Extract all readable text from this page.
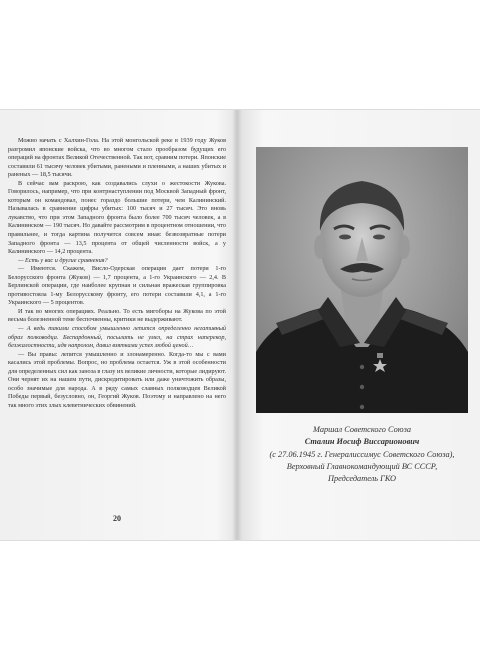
Можно начать с Халхин-Гола. На этой монгольской реке в 1939 году Жуков разгромил японские войска, что во многом стало прообразом будущих его операций на фронтах Великой Отечественной. Так вот, сравним потери. Японские составили 61 тысячу человек убитыми, ранеными и пленными, а наших убитых и раненых — 18,5 тысячи.

В сейчас вам раскрою, как создавались слухи о жестокости Жукова. Говорилось, например, что при контрнаступлении под Москвой Западный фронт, которым он командовал, понес гораздо большие потери, чем Калининский. Называлась в сравнение цифры убитых: 100 тысяч и 27 тысяч. Это вновь лукавство, что при этом Западного фронта было более 700 тысяч человек, а в Калининском — 190 тысяч. Но давайте рассмотрим в процентном отношении, что правильнее, и тогда картина получится совсем иная: безвозвратные потери Западного фронта — 13,5 процента от общей численности войск, а у Калининского — 14,2 процента.

— Есть у вас и другие сравнения?

— Имеются. Скажем, Висло-Одерская операция дает потери 1-го Белорусского фронта (Жуков) — 1,7 процента, а 1-го Украинского — 2,4. В Берлинской операции, где наиболее крупная и сильная вражеская группировка противостояла 1-му Белорусскому фронту, его потери составили 4,1, а 1-го Украинского — 5 процентов.

И так во многих операциях. Реально. То есть мигоборы на Жукова по этой весьма болезненной теме беспочвенны, критики не выдерживают.

— А ведь такими способом умышленно лепится определенно негативный образ полководца. Беспардонный, посылать не умел, на страх наперекор, безжалостности, идя напролом, давил взятками успех любой ценой…

— Вы правы: лепится умышленно и злонамеренно. Когда-то мы с вами касались этой проблемы. Вопрос, но проблема остается. Уж в этой особенности для определенных сил как заноза в глазу их великие личности, которые лидируют. Они чернят их на нашем пути, дискредитировать или даже уничтожить образы, особо значимые для народа. А в ряду самых славных полководцев Великой Победы первый, безусловно, он, Георгий Жуков. Поэтому и направлено на него так много этих злых клеветнических обвинений.

20
Маршал Советского Союза
Сталин Иосиф Виссарионович
(с 27.06.1945 г. Генералиссимус Советского Союза),
Верховный Главнокомандующий ВС СССР,
Председатель ГКО
